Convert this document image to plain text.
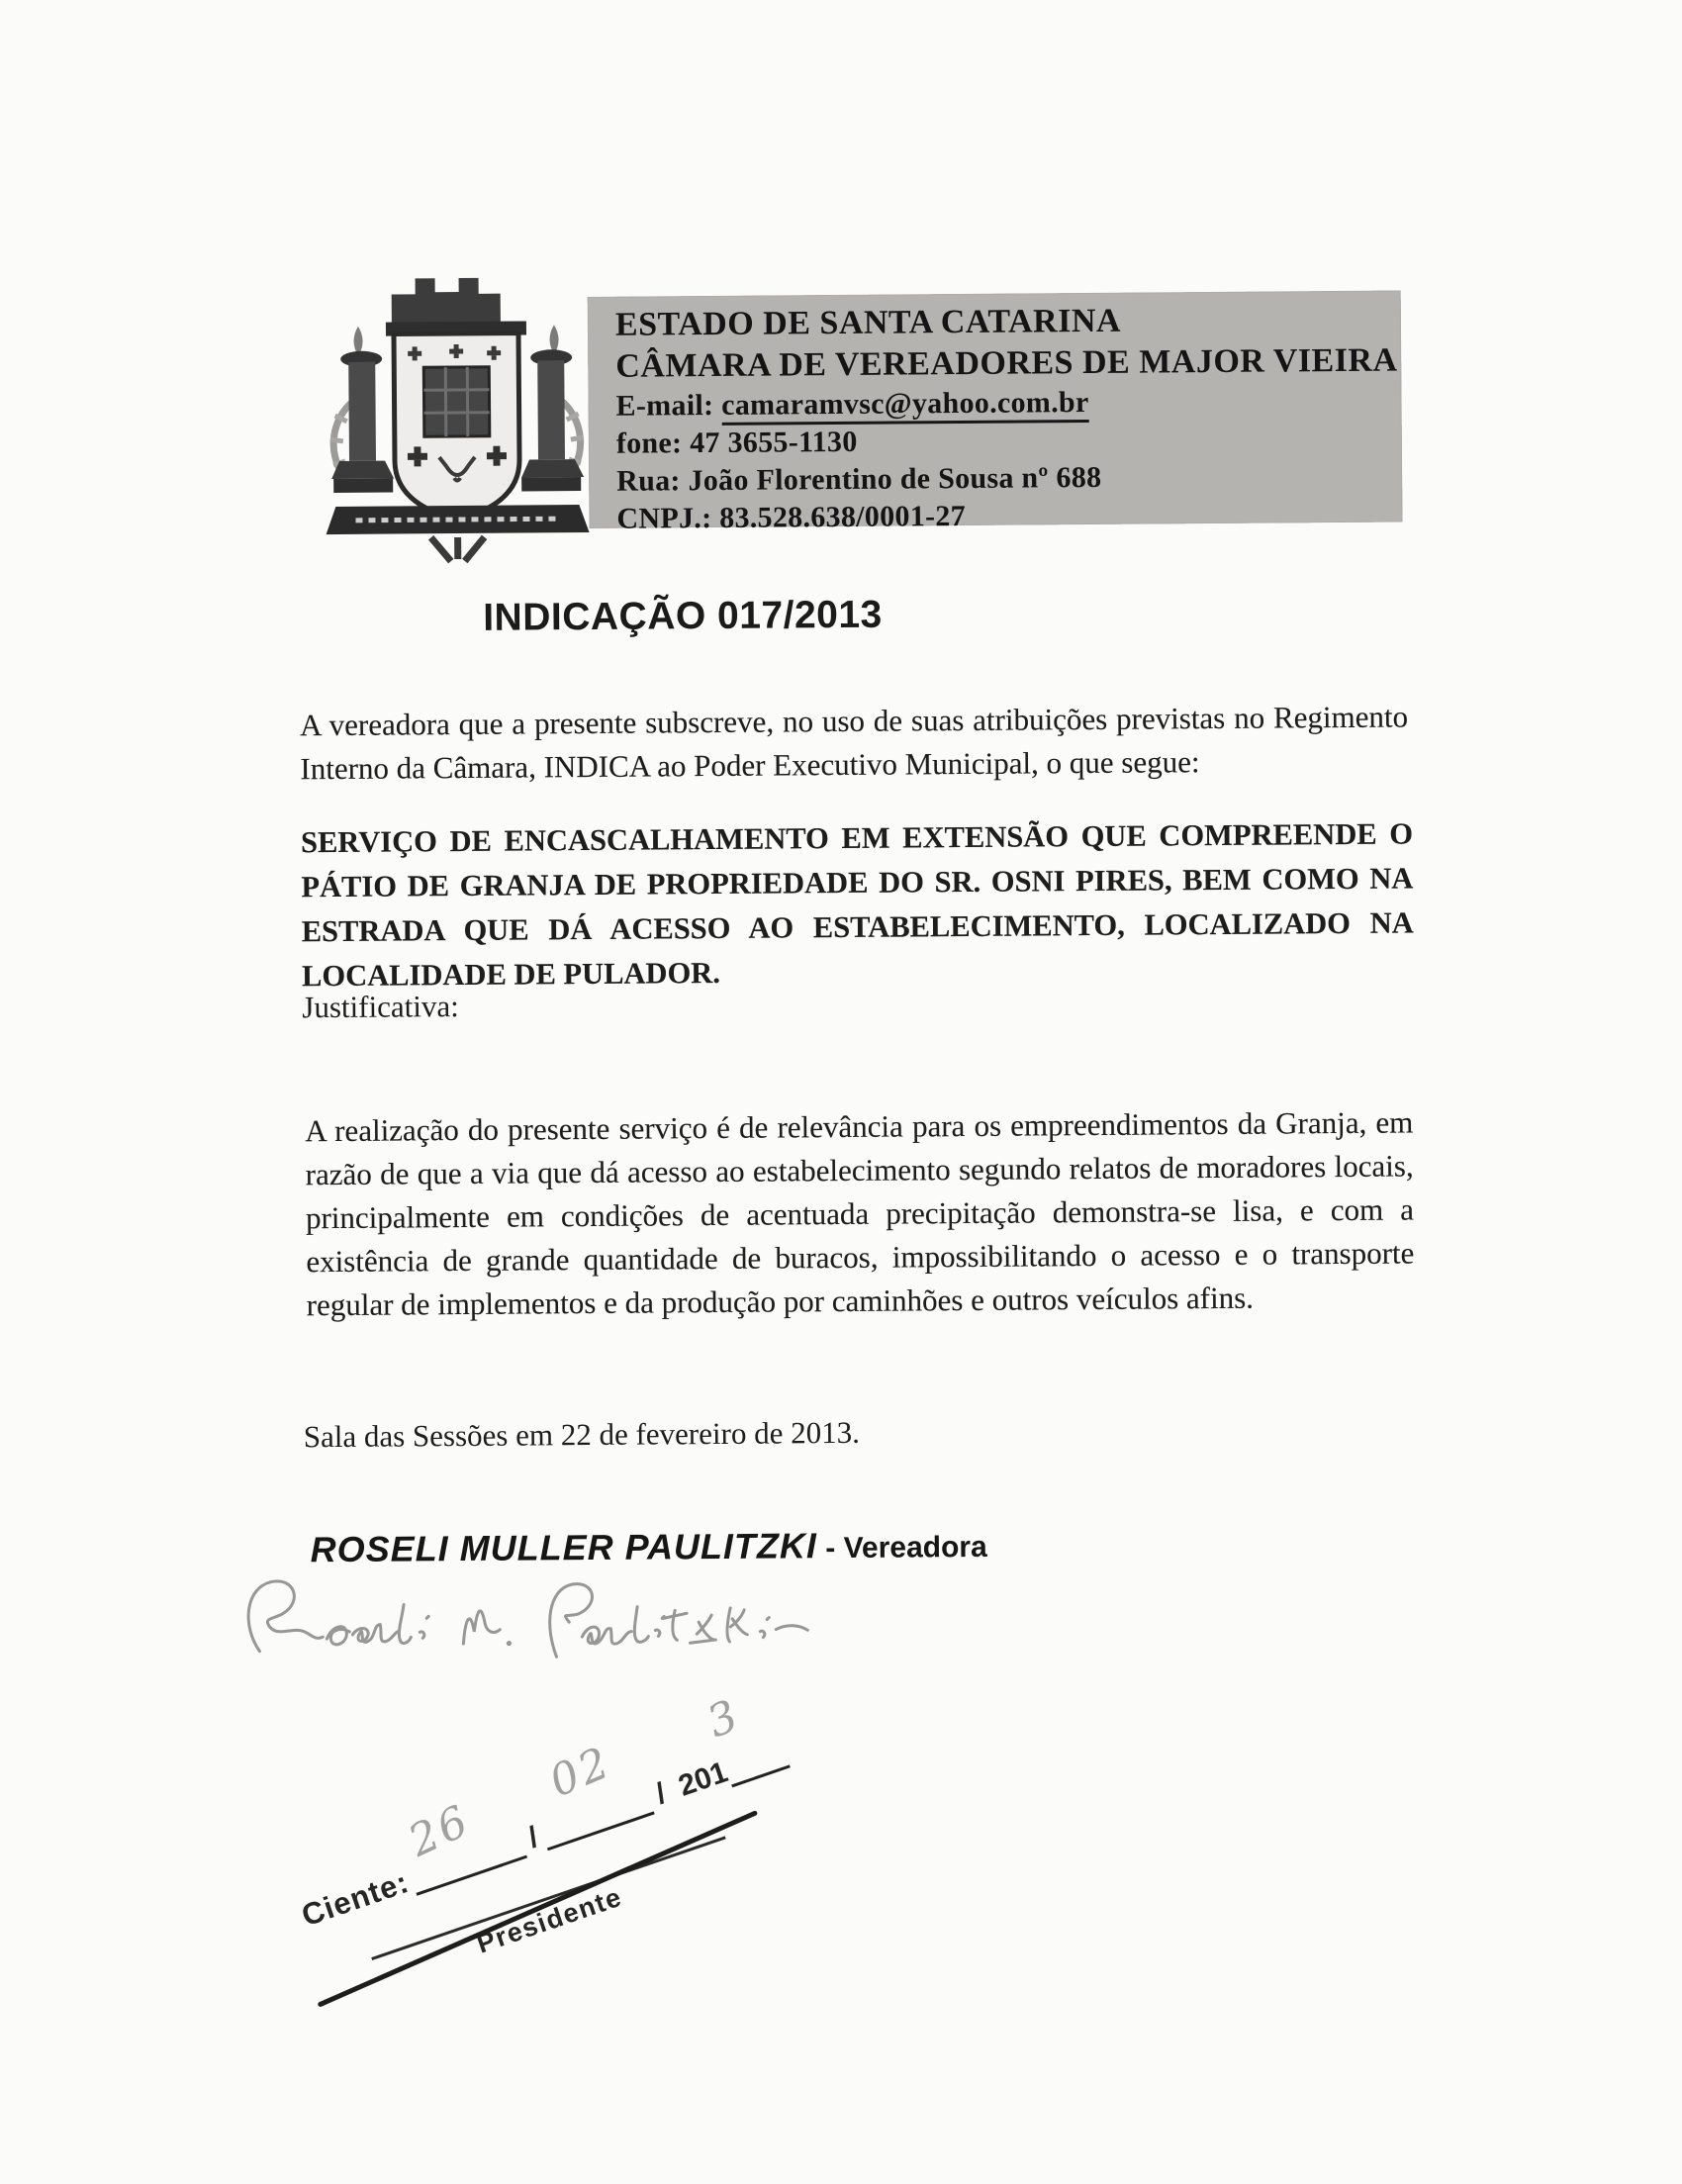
ESTADO DE SANTA CATARINA
CÂMARA DE VEREADORES DE MAJOR VIEIRA
E-mail: camaramvsc@yahoo.com.br
fone: 47 3655-1130
Rua: João Florentino de Sousa nº 688
CNPJ.: 83.528.638/0001-27
INDICAÇÃO 017/2013

A vereadora que a presente subscreve, no uso de suas atribuições previstas no Regimento Interno da Câmara, INDICA ao Poder Executivo Municipal, o que segue:

SERVIÇO DE ENCASCALHAMENTO EM EXTENSÃO QUE COMPREENDE O PÁTIO DE GRANJA DE PROPRIEDADE DO SR. OSNI PIRES, BEM COMO NA ESTRADA QUE DÁ ACESSO AO ESTABELECIMENTO, LOCALIZADO NA LOCALIDADE DE PULADOR.

Justificativa:

A realização do presente serviço é de relevância para os empreendimentos da Granja, em razão de que a via que dá acesso ao estabelecimento segundo relatos de moradores locais, principalmente em condições de acentuada precipitação demonstra-se lisa, e com a existência de grande quantidade de buracos, impossibilitando o acesso e o transporte regular de implementos e da produção por caminhões e outros veículos afins.

Sala das Sessões em 22 de fevereiro de 2013.
ROSELI MULLER PAULITZKI - Vereadora
Ciente:
/
/ 201
26
02
3
Presidente
